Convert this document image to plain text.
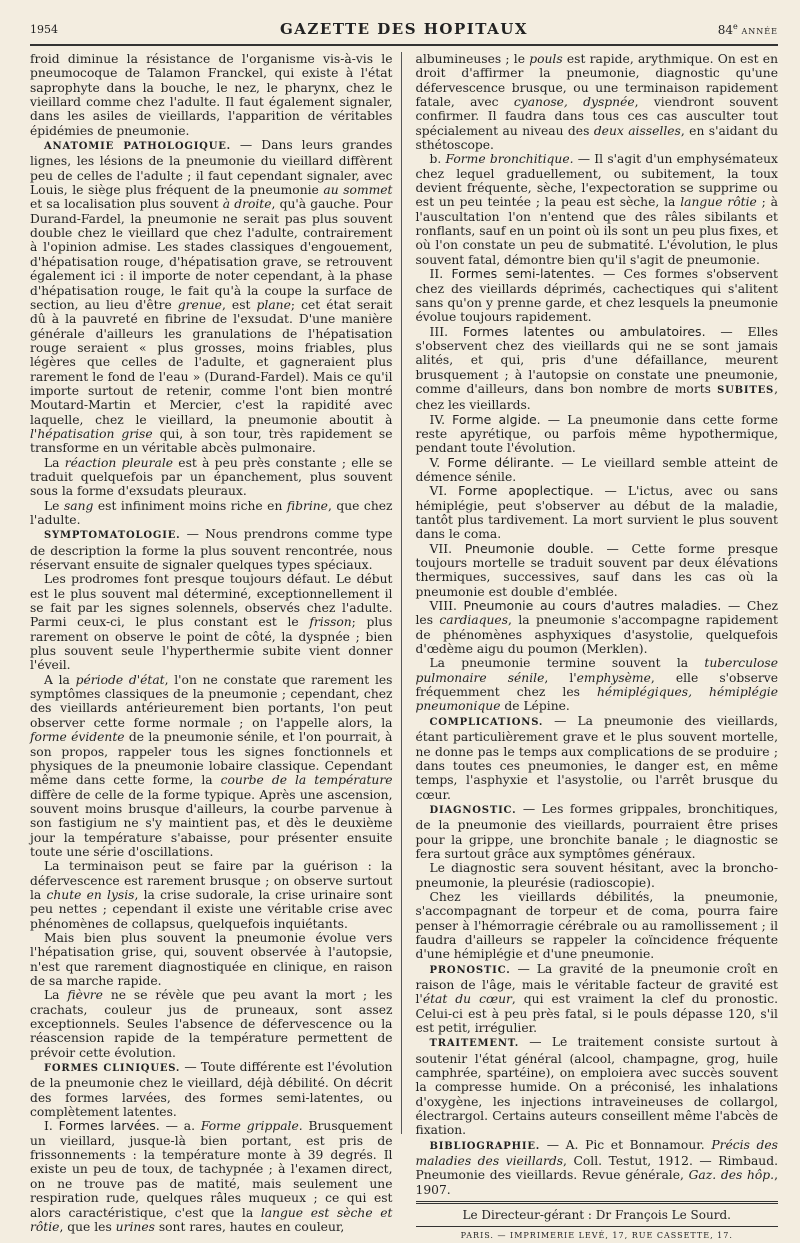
1954	GAZETTE DES HOPITAUX	84e ANNÉE

froid diminue la résistance de l'organisme vis-à-vis le pneumocoque de Talamon Franckel, qui existe à l'état saprophyte dans la bouche, le nez, le pharynx, chez le vieillard comme chez l'adulte. Il faut également signaler, dans les asiles de vieillards, l'apparition de véritables épidémies de pneumonie.

ANATOMIE PATHOLOGIQUE. — Dans leurs grandes lignes, les lésions de la pneumonie du vieillard diffèrent peu de celles de l'adulte ; il faut cependant signaler, avec Louis, le siège plus fréquent de la pneumonie au sommet et sa localisation plus souvent à droite, qu'à gauche. Pour Durand-Fardel, la pneumonie ne serait pas plus souvent double chez le vieillard que chez l'adulte, contrairement à l'opinion admise. Les stades classiques d'engouement, d'hépatisation rouge, d'hépatisation grave, se retrouvent également ici : il importe de noter cependant, à la phase d'hépatisation rouge, le fait qu'à la coupe la surface de section, au lieu d'être grenue, est plane; cet état serait dû à la pauvreté en fibrine de l'exsudat. D'une manière générale d'ailleurs les granulations de l'hépatisation rouge seraient « plus grosses, moins friables, plus légères que celles de l'adulte, et gagneraient plus rarement le fond de l'eau » (Durand-Fardel). Mais ce qu'il importe surtout de retenir, comme l'ont bien montré Moutard-Martin et Mercier, c'est la rapidité avec laquelle, chez le vieillard, la pneumonie aboutit à l'hépatisation grise qui, à son tour, très rapidement se transforme en un véritable abcès pulmonaire.

La réaction pleurale est à peu près constante ; elle se traduit quelquefois par un épanchement, plus souvent sous la forme d'exsudats pleuraux.

Le sang est infiniment moins riche en fibrine, que chez l'adulte.

SYMPTOMATOLOGIE. — Nous prendrons comme type de description la forme la plus souvent rencontrée, nous réservant ensuite de signaler quelques types spéciaux.

Les prodromes font presque toujours défaut. Le début est le plus souvent mal déterminé, exceptionnellement il se fait par les signes solennels, observés chez l'adulte. Parmi ceux-ci, le plus constant est le frisson; plus rarement on observe le point de côté, la dyspnée ; bien plus souvent seule l'hyperthermie subite vient donner l'éveil.

A la période d'état, l'on ne constate que rarement les symptômes classiques de la pneumonie ; cependant, chez des vieillards antérieurement bien portants, l'on peut observer cette forme normale ; on l'appelle alors, la forme évidente de la pneumonie sénile, et l'on pourrait, à son propos, rappeler tous les signes fonctionnels et physiques de la pneumonie lobaire classique. Cependant même dans cette forme, la courbe de la température diffère de celle de la forme typique. Après une ascension, souvent moins brusque d'ailleurs, la courbe parvenue à son fastigium ne s'y maintient pas, et dès le deuxième jour la température s'abaisse, pour présenter ensuite toute une série d'oscillations.

La terminaison peut se faire par la guérison : la défervescence est rarement brusque ; on observe surtout la chute en lysis, la crise sudorale, la crise urinaire sont peu nettes ; cependant il existe une véritable crise avec phénomènes de collapsus, quelquefois inquiétants.

Mais bien plus souvent la pneumonie évolue vers l'hépatisation grise, qui, souvent observée à l'autopsie, n'est que rarement diagnostiquée en clinique, en raison de sa marche rapide.

La fièvre ne se révèle que peu avant la mort ; les crachats, couleur jus de pruneaux, sont assez exceptionnels. Seules l'absence de défervescence ou la réascension rapide de la température permettent de prévoir cette évolution.

FORMES CLINIQUES. — Toute différente est l'évolution de la pneumonie chez le vieillard, déjà débilité. On décrit des formes larvées, des formes semi-latentes, ou complètement latentes.

I. Formes larvées. — a. Forme grippale. Brusquement un vieillard, jusque-là bien portant, est pris de frissonnements : la température monte à 39 degrés. Il existe un peu de toux, de tachypnée ; à l'examen direct, on ne trouve pas de matité, mais seulement une respiration rude, quelques râles muqueux ; ce qui est alors caractéristique, c'est que la langue est sèche et rôtie, que les urines sont rares, hautes en couleur,

albumineuses ; le pouls est rapide, arythmique. On est en droit d'affirmer la pneumonie, diagnostic qu'une défervescence brusque, ou une terminaison rapidement fatale, avec cyanose, dyspnée, viendront souvent confirmer. Il faudra dans tous ces cas ausculter tout spécialement au niveau des deux aisselles, en s'aidant du sthétoscope.

b. Forme bronchitique. — Il s'agit d'un emphysémateux chez lequel graduellement, ou subitement, la toux devient fréquente, sèche, l'expectoration se supprime ou est un peu teintée ; la peau est sèche, la langue rôtie ; à l'auscultation l'on n'entend que des râles sibilants et ronflants, sauf en un point où ils sont un peu plus fixes, et où l'on constate un peu de submatité. L'évolution, le plus souvent fatal, démontre bien qu'il s'agit de pneumonie.

II. Formes semi-latentes. — Ces formes s'observent chez des vieillards déprimés, cachectiques qui s'alitent sans qu'on y prenne garde, et chez lesquels la pneumonie évolue toujours rapidement.

III. Formes latentes ou ambulatoires. — Elles s'observent chez des vieillards qui ne se sont jamais alités, et qui, pris d'une défaillance, meurent brusquement ; à l'autopsie on constate une pneumonie, comme d'ailleurs, dans bon nombre de morts SUBITES, chez les vieillards.

IV. Forme algide. — La pneumonie dans cette forme reste apyrétique, ou parfois même hypothermique, pendant toute l'évolution.

V. Forme délirante. — Le vieillard semble atteint de démence sénile.

VI. Forme apoplectique. — L'ictus, avec ou sans hémiplégie, peut s'observer au début de la maladie, tantôt plus tardivement. La mort survient le plus souvent dans le coma.

VII. Pneumonie double. — Cette forme presque toujours mortelle se traduit souvent par deux élévations thermiques, successives, sauf dans les cas où la pneumonie est double d'emblée.

VIII. Pneumonie au cours d'autres maladies. — Chez les cardiaques, la pneumonie s'accompagne rapidement de phénomènes asphyxiques d'asystolie, quelquefois d'œdème aigu du poumon (Merklen).

La pneumonie termine souvent la tuberculose pulmonaire sénile, l'emphysème, elle s'observe fréquemment chez les hémiplégiques, hémiplégie pneumonique de Lépine.

COMPLICATIONS. — La pneumonie des vieillards, étant particulièrement grave et le plus souvent mortelle, ne donne pas le temps aux complications de se produire ; dans toutes ces pneumonies, le danger est, en même temps, l'asphyxie et l'asystolie, ou l'arrêt brusque du cœur.

DIAGNOSTIC. — Les formes grippales, bronchitiques, de la pneumonie des vieillards, pourraient être prises pour la grippe, une bronchite banale ; le diagnostic se fera surtout grâce aux symptômes généraux.

Le diagnostic sera souvent hésitant, avec la broncho-pneumonie, la pleurésie (radioscopie).

Chez les vieillards débilités, la pneumonie, s'accompagnant de torpeur et de coma, pourra faire penser à l'hémorragie cérébrale ou au ramollissement ; il faudra d'ailleurs se rappeler la coïncidence fréquente d'une hémiplégie et d'une pneumonie.

PRONOSTIC. — La gravité de la pneumonie croît en raison de l'âge, mais le véritable facteur de gravité est l'état du cœur, qui est vraiment la clef du pronostic. Celui-ci est à peu près fatal, si le pouls dépasse 120, s'il est petit, irrégulier.

TRAITEMENT. — Le traitement consiste surtout à soutenir l'état général (alcool, champagne, grog, huile camphrée, spartéine), on emploiera avec succès souvent la compresse humide. On a préconisé, les inhalations d'oxygène, les injections intraveineuses de collargol, électrargol. Certains auteurs conseillent même l'abcès de fixation.

BIBLIOGRAPHIE. — A. Pic et Bonnamour. Précis des maladies des vieillards, Coll. Testut, 1912. — Rimbaud. Pneumonie des vieillards. Revue générale, Gaz. des hôp., 1907.

Le Directeur-gérant : Dr François Le Sourd.
PARIS. — IMPRIMERIE LEVÉ, 17, RUE CASSETTE, 17.
